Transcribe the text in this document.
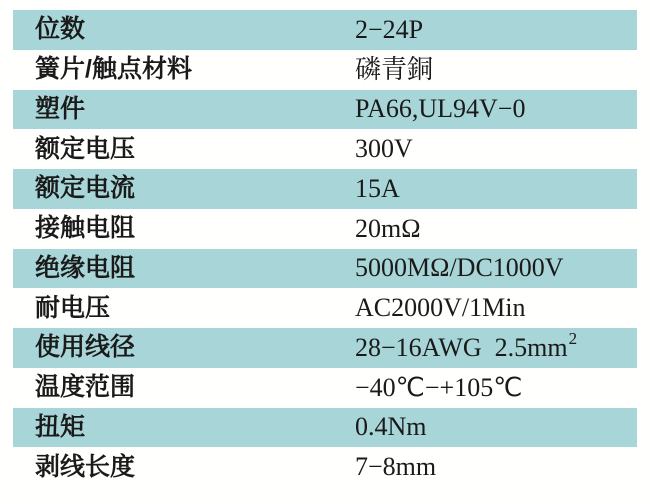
位数	2−24P
簧片/触点材料	磷青銅
塑件	PA66,UL94V−0
额定电压	300V
额定电流	15A
接触电阻	20mΩ
绝缘电阻	5000MΩ/DC1000V
耐电压	AC2000V/1Min
使用线径	28−16AWG  $2.5mm^2$
温度范围	−40℃−+105℃
扭矩	0.4Nm
剥线长度	7−8mm
